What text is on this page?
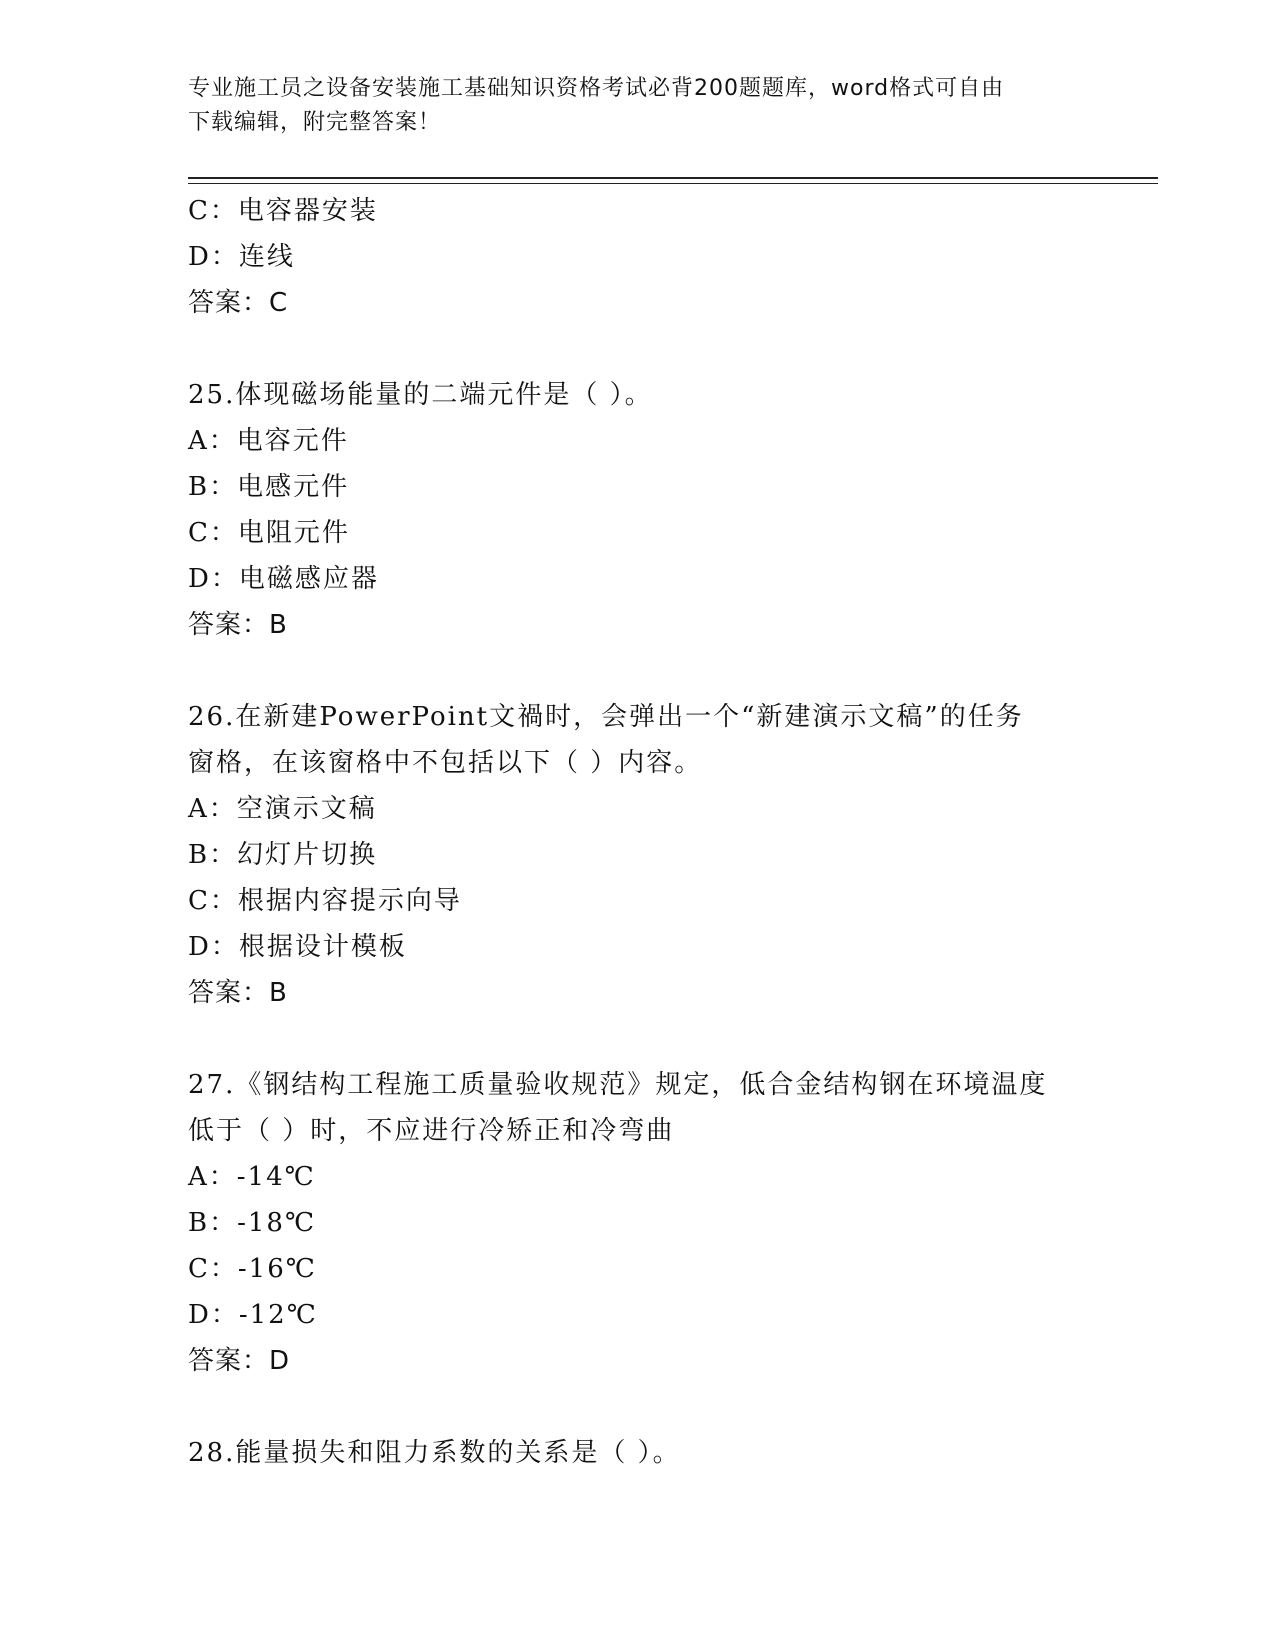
专业施工员之设备安装施工基础知识资格考试必背200题题库，word格式可自由
下载编辑，附完整答案！
C：电容器安装
D：连线
答案：C
25.体现磁场能量的二端元件是（ ）。
A：电容元件
B：电感元件
C：电阻元件
D：电磁感应器
答案：B
26.在新建PowerPoint文禍时，会弹出一个“新建演示文稿”的任务
窗格，在该窗格中不包括以下（ ）内容。
A：空演示文稿
B：幻灯片切换
C：根据内容提示向导
D：根据设计模板
答案：B
27.《钢结构工程施工质量验收规范》规定，低合金结构钢在环境温度
低于（ ）时，不应进行冷矫正和冷弯曲
A：-14℃
B：-18℃
C：-16℃
D：-12℃
答案：D
28.能量损失和阻力系数的关系是（ ）。
